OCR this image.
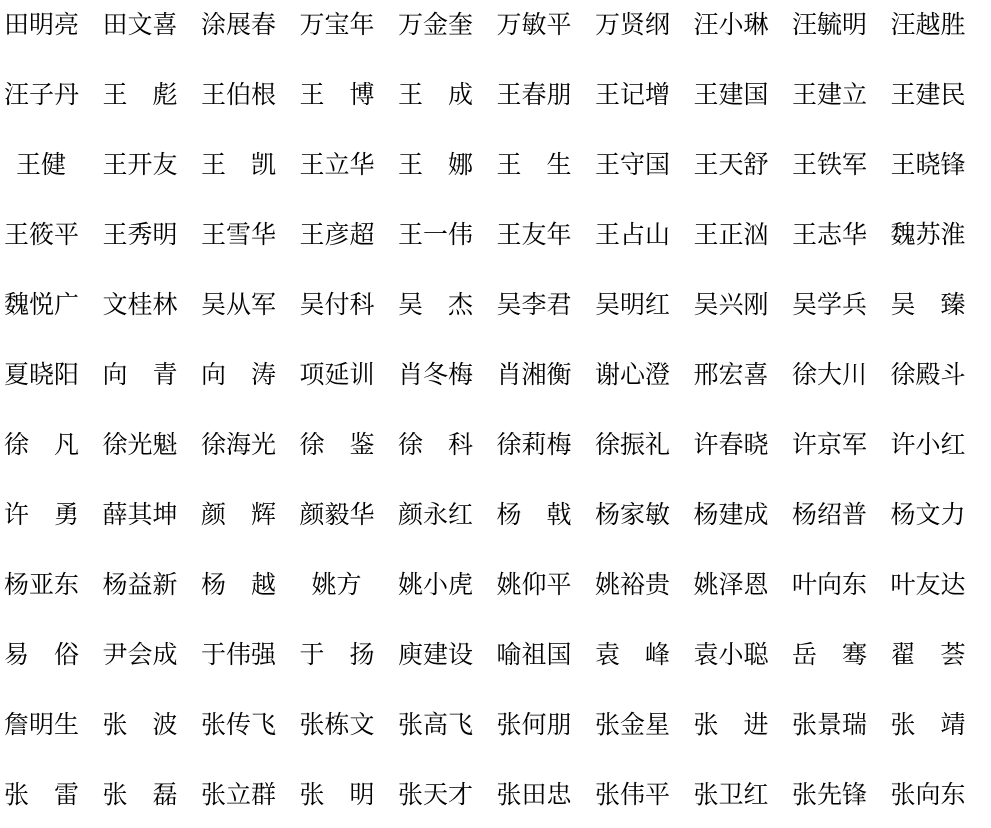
田明亮 田文喜 涂展春 万宝年 万金奎 万敏平 万贤纲 汪小琳 汪毓明 汪越胜
汪子丹 王　彪 王伯根 王　博 王　成 王春朋 王记增 王建国 王建立 王建民
王健	王开友 王　凯 王立华 王　娜 王　生 王守国 王天舒 王铁军 王晓锋
王筱平 王秀明 王雪华 王彦超 王一伟 王友年 王占山 王正汹 王志华 魏苏淮
魏悦广 文桂林 吴从军 吴付科 吴　杰 吴李君 吴明红 吴兴刚 吴学兵 吴　臻
夏晓阳 向　青 向　涛 项延训 肖冬梅 肖湘衡 谢心澄 邢宏喜 徐大川 徐殿斗
徐　凡 徐光魁 徐海光 徐　鉴 徐　科 徐莉梅 徐振礼 许春晓 许京军 许小红
许　勇 薛其坤 颜　辉 颜毅华 颜永红 杨　戟 杨家敏 杨建成 杨绍普 杨文力
杨亚东 杨益新 杨　越	姚方	姚小虎 姚仰平 姚裕贵 姚泽恩 叶向东 叶友达
易　俗 尹会成 于伟强 于　扬 庾建设 喻祖国 袁　峰 袁小聪 岳　骞 翟　荟
詹明生 张　波 张传飞 张栋文 张高飞 张何朋 张金星 张　进 张景瑞 张　靖
张　雷 张　磊 张立群 张　明 张天才 张田忠 张伟平 张卫红 张先锋 张向东
